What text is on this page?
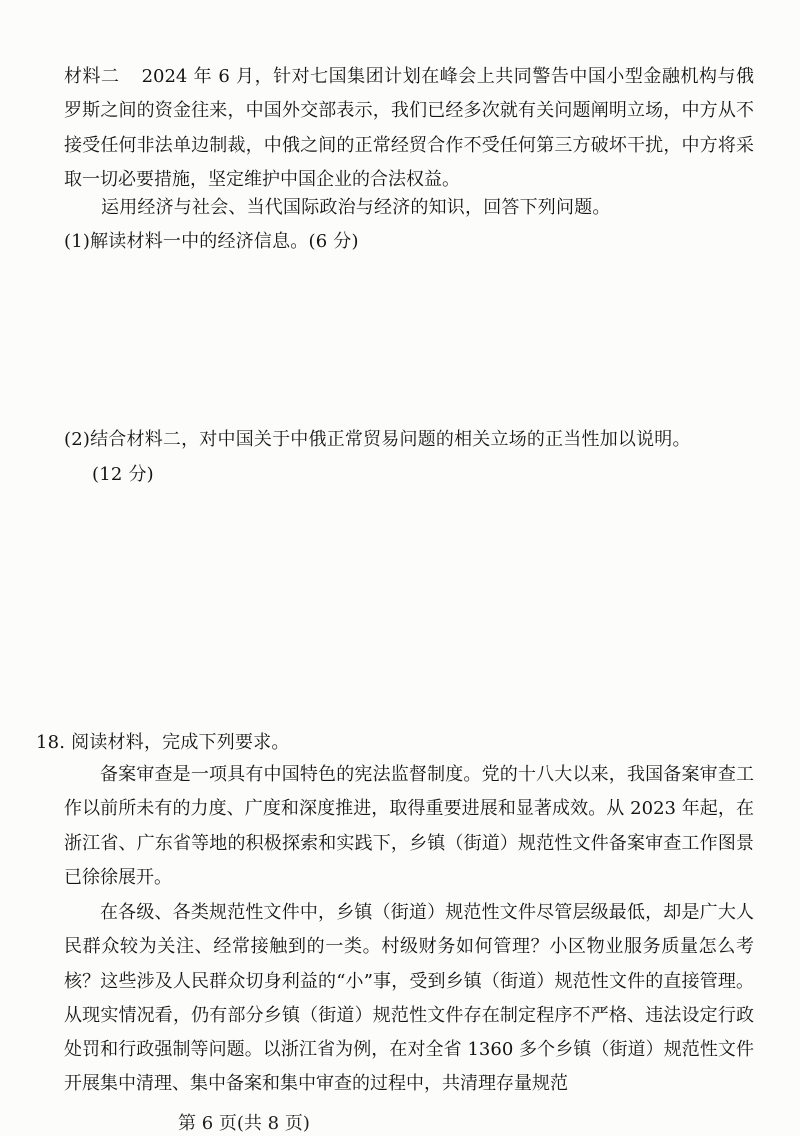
材料二 2024 年 6 月，针对七国集团计划在峰会上共同警告中国小型金融机构与俄罗斯之间的资金往来，中国外交部表示，我们已经多次就有关问题阐明立场，中方从不接受任何非法单边制裁，中俄之间的正常经贸合作不受任何第三方破坏干扰，中方将采取一切必要措施，坚定维护中国企业的合法权益。

运用经济与社会、当代国际政治与经济的知识，回答下列问题。
(1)解读材料一中的经济信息。(6 分)
(2)结合材料二，对中国关于中俄正常贸易问题的相关立场的正当性加以说明。
(12 分)
18. 阅读材料，完成下列要求。

备案审查是一项具有中国特色的宪法监督制度。党的十八大以来，我国备案审查工作以前所未有的力度、广度和深度推进，取得重要进展和显著成效。从 2023 年起，在浙江省、广东省等地的积极探索和实践下，乡镇（街道）规范性文件备案审查工作图景已徐徐展开。

在各级、各类规范性文件中，乡镇（街道）规范性文件尽管层级最低，却是广大人民群众较为关注、经常接触到的一类。村级财务如何管理？小区物业服务质量怎么考核？这些涉及人民群众切身利益的“小”事，受到乡镇（街道）规范性文件的直接管理。从现实情况看，仍有部分乡镇（街道）规范性文件存在制定程序不严格、违法设定行政处罚和行政强制等问题。以浙江省为例，在对全省 1360 多个乡镇（街道）规范性文件开展集中清理、集中备案和集中审查的过程中，共清理存量规范

第 6 页(共 8 页)
